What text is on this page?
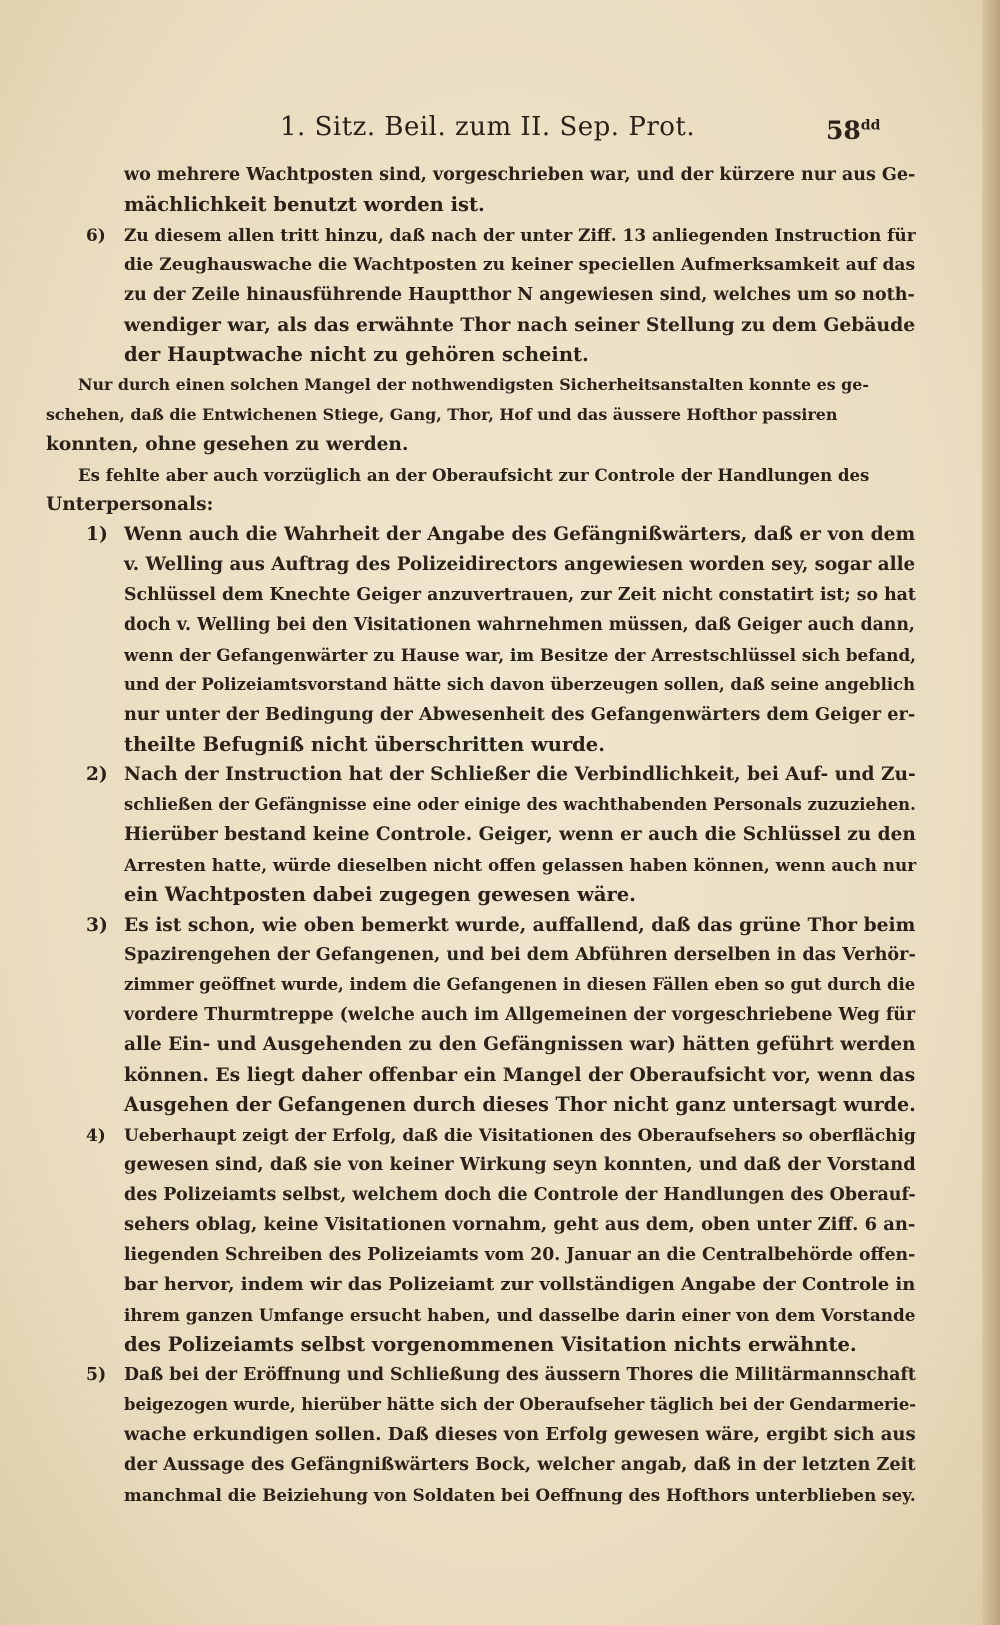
1. Sitz. Beil. zum II. Sep. Prot.	$58^{dd}$
wo mehrere Wachtposten sind, vorgeschrieben war, und der kürzere nur aus Ge-
mächlichkeit benutzt worden ist.
6) Zu diesem allen tritt hinzu, daß nach der unter Ziff. 13 anliegenden Instruction für
die Zeughauswache die Wachtposten zu keiner speciellen Aufmerksamkeit auf das
zu der Zeile hinausführende Hauptthor N angewiesen sind, welches um so noth-
wendiger war, als das erwähnte Thor nach seiner Stellung zu dem Gebäude
der Hauptwache nicht zu gehören scheint.
Nur durch einen solchen Mangel der nothwendigsten Sicherheitsanstalten konnte es ge-
schehen, daß die Entwichenen Stiege, Gang, Thor, Hof und das äussere Hofthor passiren
konnten, ohne gesehen zu werden.
Es fehlte aber auch vorzüglich an der Oberaufsicht zur Controle der Handlungen des
Unterpersonals:
1) Wenn auch die Wahrheit der Angabe des Gefängnißwärters, daß er von dem
v. Welling aus Auftrag des Polizeidirectors angewiesen worden sey, sogar alle
Schlüssel dem Knechte Geiger anzuvertrauen, zur Zeit nicht constatirt ist; so hat
doch v. Welling bei den Visitationen wahrnehmen müssen, daß Geiger auch dann,
wenn der Gefangenwärter zu Hause war, im Besitze der Arrestschlüssel sich befand,
und der Polizeiamtsvorstand hätte sich davon überzeugen sollen, daß seine angeblich
nur unter der Bedingung der Abwesenheit des Gefangenwärters dem Geiger er-
theilte Befugniß nicht überschritten wurde.
2) Nach der Instruction hat der Schließer die Verbindlichkeit, bei Auf- und Zu-
schließen der Gefängnisse eine oder einige des wachthabenden Personals zuzuziehen.
Hierüber bestand keine Controle. Geiger, wenn er auch die Schlüssel zu den
Arresten hatte, würde dieselben nicht offen gelassen haben können, wenn auch nur
ein Wachtposten dabei zugegen gewesen wäre.
3) Es ist schon, wie oben bemerkt wurde, auffallend, daß das grüne Thor beim
Spazirengehen der Gefangenen, und bei dem Abführen derselben in das Verhör-
zimmer geöffnet wurde, indem die Gefangenen in diesen Fällen eben so gut durch die
vordere Thurmtreppe (welche auch im Allgemeinen der vorgeschriebene Weg für
alle Ein- und Ausgehenden zu den Gefängnissen war) hätten geführt werden
können. Es liegt daher offenbar ein Mangel der Oberaufsicht vor, wenn das
Ausgehen der Gefangenen durch dieses Thor nicht ganz untersagt wurde.
4) Ueberhaupt zeigt der Erfolg, daß die Visitationen des Oberaufsehers so oberflächig
gewesen sind, daß sie von keiner Wirkung seyn konnten, und daß der Vorstand
des Polizeiamts selbst, welchem doch die Controle der Handlungen des Oberauf-
sehers oblag, keine Visitationen vornahm, geht aus dem, oben unter Ziff. 6 an-
liegenden Schreiben des Polizeiamts vom 20. Januar an die Centralbehörde offen-
bar hervor, indem wir das Polizeiamt zur vollständigen Angabe der Controle in
ihrem ganzen Umfange ersucht haben, und dasselbe darin einer von dem Vorstande
des Polizeiamts selbst vorgenommenen Visitation nichts erwähnte.
5) Daß bei der Eröffnung und Schließung des äussern Thores die Militärmannschaft
beigezogen wurde, hierüber hätte sich der Oberaufseher täglich bei der Gendarmerie-
wache erkundigen sollen. Daß dieses von Erfolg gewesen wäre, ergibt sich aus
der Aussage des Gefängnißwärters Bock, welcher angab, daß in der letzten Zeit
manchmal die Beiziehung von Soldaten bei Oeffnung des Hofthors unterblieben sey.
